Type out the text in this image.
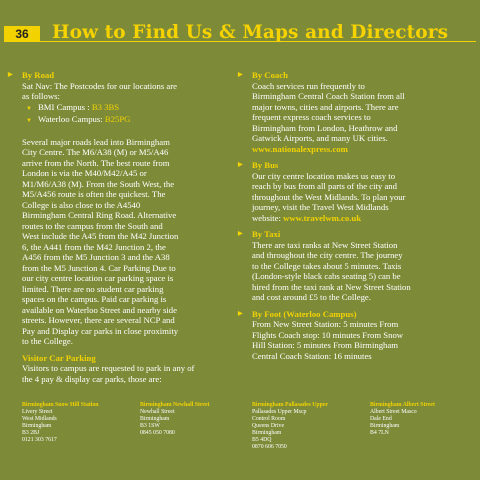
36	How to Find Us & Maps and Directors
▶ By Road
Sat Nav: The Postcodes for our locations are
as follows:
▼ BMI Campus : B3 3BS
▼ Waterloo Campus: B25PG
Several major roads lead into Birmingham
City Centre. The M6/A38 (M) or M5/A46
arrive from the North. The best route from
London is via the M40/M42/A45 or
M1/M6/A38 (M). From the South West, the
M5/A456 route is often the quickest. The
College is also close to the A4540
Birmingham Central Ring Road. Alternative
routes to the campus from the South and
West include the A45 from the M42 Junction
6, the A441 from the M42 Junction 2, the
A456 from the M5 Junction 3 and the A38
from the M5 Junction 4. Car Parking Due to
our city centre location car parking space is
limited. There are no student car parking
spaces on the campus. Paid car parking is
available on Waterloo Street and nearby side
streets. However, there are several NCP and
Pay and Display car parks in close proximity
to the College.
Visitor Car Parking
Visitors to campus are requested to park in any of
the 4 pay & display car parks, those are:
▶ By Coach
Coach services run frequently to
Birmingham Central Coach Station from all
major towns, cities and airports. There are
frequent express coach services to
Birmingham from London, Heathrow and
Gatwick Airports, and many UK cities.
www.nationalexpress.com
▶ By Bus
Our city centre location makes us easy to
reach by bus from all parts of the city and
throughout the West Midlands. To plan your
journey, visit the Travel West Midlands
website: www.travelwm.co.uk
▶ By Taxi
There are taxi ranks at New Street Station
and throughout the city centre. The journey
to the College takes about 5 minutes. Taxis
(London-style black cabs seating 5) can be
hired from the taxi rank at New Street Station
and cost around £5 to the College.
▶ By Foot (Waterloo Campus)
From New Street Station: 5 minutes From
Flights Coach stop: 10 minutes From Snow
Hill Station: 5 minutes From Birmingham
Central Coach Station: 16 minutes
Birmingham Snow Hill Station
Livery Street
West Midlands
Birmingham
B3 2BJ
0121 303 7617
Birmingham Newhall Street
Newhall Street
Birmingham
B3 1SW
0845 050 7080
Birmingham Pallasades Upper
Pallasades Upper Mscp
Control Room
Queens Drive
Birmingham
B5 4DQ
0870 606 7050
Birmingham Albert Street
Albert Street Masco
Dale End
Birmingham
B4 7LN
